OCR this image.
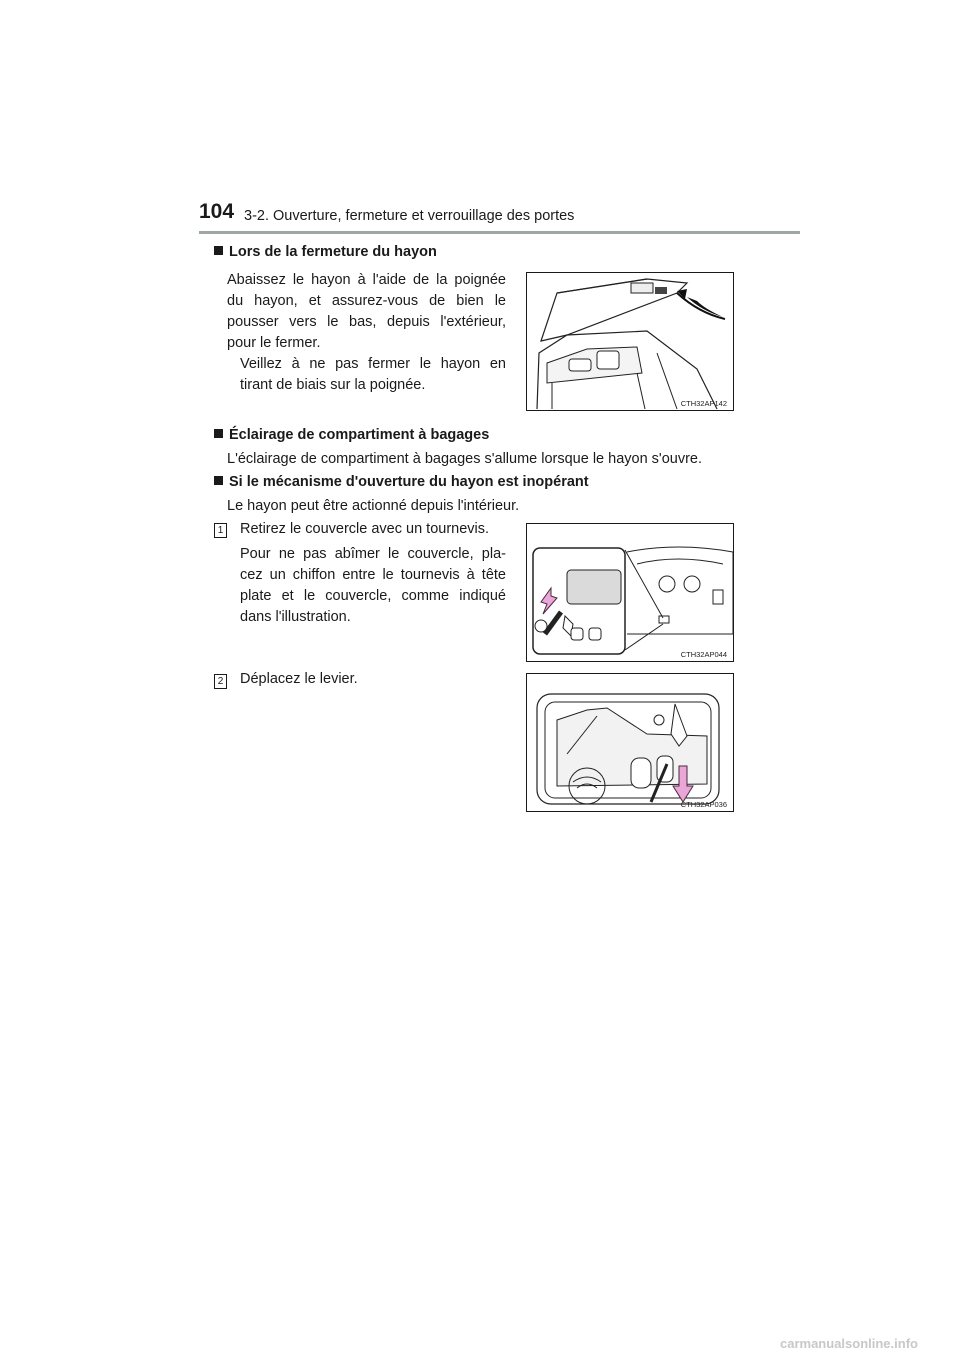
104 3-2. Ouverture, fermeture et verrouillage des portes
Lors de la fermeture du hayon
Abaissez le hayon à l'aide de la poignée
du hayon, et assurez-vous de bien le
pousser vers le bas, depuis l'extérieur,
pour le fermer.
Veillez à ne pas fermer le hayon en
tirant de biais sur la poignée.
CTH32AP142
Éclairage de compartiment à bagages
L'éclairage de compartiment à bagages s'allume lorsque le hayon s'ouvre.
Si le mécanisme d'ouverture du hayon est inopérant
Le hayon peut être actionné depuis l'intérieur.
1 Retirez le couvercle avec un tournevis.
Pour ne pas abîmer le couvercle, pla-
cez un chiffon entre le tournevis à tête
plate et le couvercle, comme indiqué
dans l'illustration.
CTH32AP044
2 Déplacez le levier.
CTH32AP036
carmanualsonline.info
